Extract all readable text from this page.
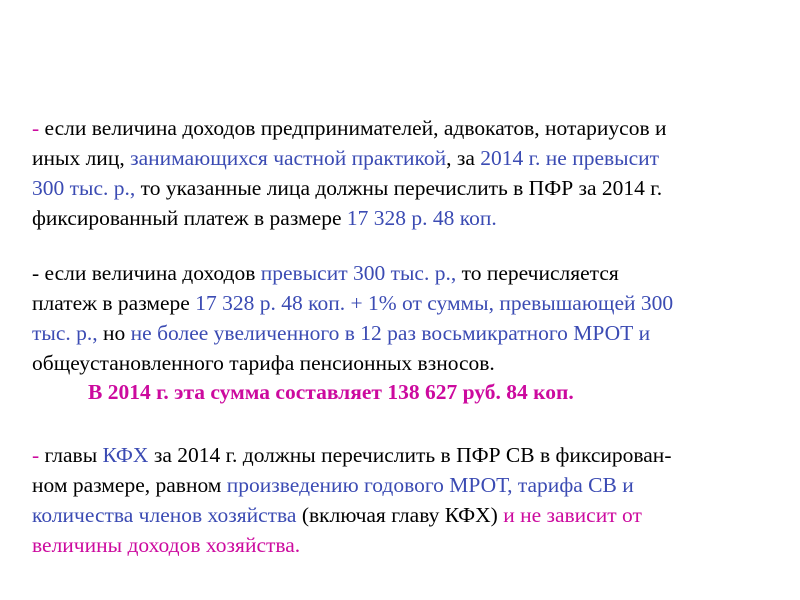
- если величина доходов предпринимателей, адвокатов, нотариусов и
иных лиц, занимающихся частной практикой, за 2014 г. не превысит
300 тыс. р., то указанные лица должны перечислить в ПФР за 2014 г.
фиксированный платеж в размере 17 328 р. 48 коп.
- если величина доходов превысит 300 тыс. р., то перечисляется
платеж в размере 17 328 р. 48 коп. + 1% от суммы, превышающей 300
тыс. р., но не более увеличенного в 12 раз восьмикратного МРОТ и
общеустановленного тарифа пенсионных взносов.
В 2014 г. эта сумма составляет 138 627 руб. 84 коп.
- главы КФХ за 2014 г. должны перечислить в ПФР СВ в фиксирован-
ном размере, равном произведению годового МРОТ, тарифа СВ и
количества членов хозяйства (включая главу КФХ) и не зависит от
величины доходов хозяйства.
